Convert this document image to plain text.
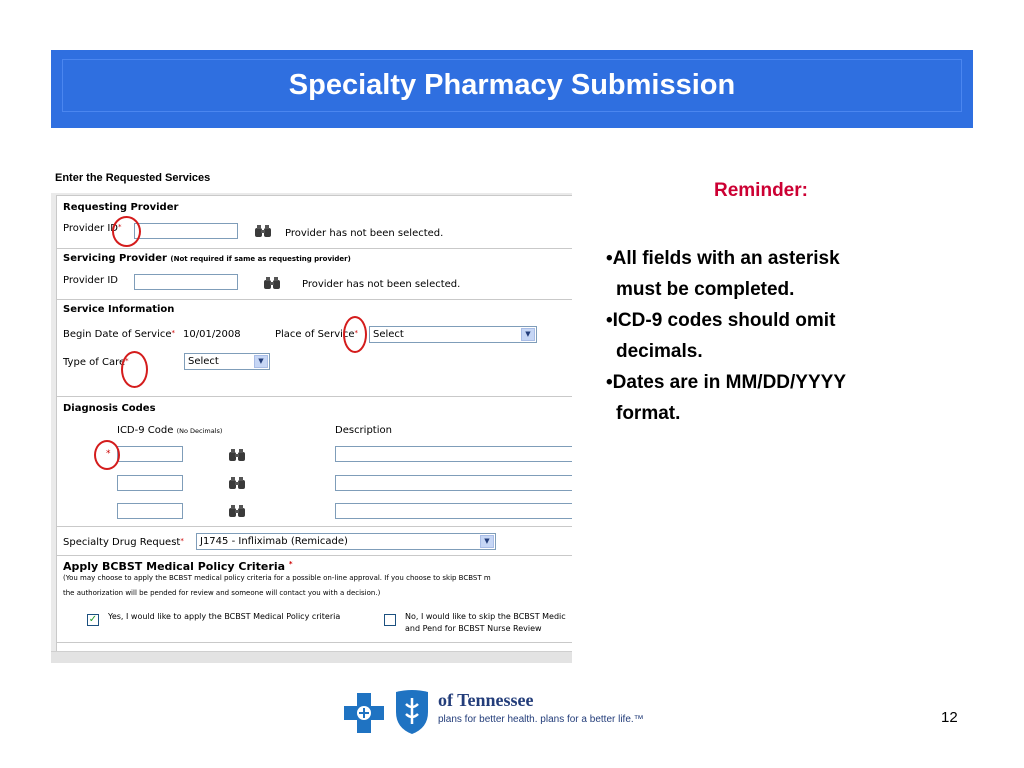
Specialty Pharmacy Submission
Enter the Requested Services
Requesting Provider
Provider ID*
Provider has not been selected.
Servicing Provider (Not required if same as requesting provider)
Provider ID	Provider has not been selected.
Service Information
Begin Date of Service* 10/01/2008	Place of Service*	Select	▼
Type of Care*	Select	▼
Diagnosis Codes
ICD-9 Code (No Decimals)	Description
*
Specialty Drug Request*	J1745 - Infliximab (Remicade)	▼
Apply BCBST Medical Policy Criteria *
(You may choose to apply the BCBST medical policy criteria for a possible on-line approval. If you choose to skip BCBST m
the authorization will be pended for review and someone will contact you with a decision.)
✓ Yes, I would like to apply the BCBST Medical Policy criteria	No, I would like to skip the BCBST Medic
and Pend for BCBST Nurse Review
Reminder:
•All fields with an asterisk
must be completed.
•ICD-9 codes should omit
decimals.
•Dates are in MM/DD/YYYY
format.
of Tennessee
plans for better health. plans for a better life.™	12
